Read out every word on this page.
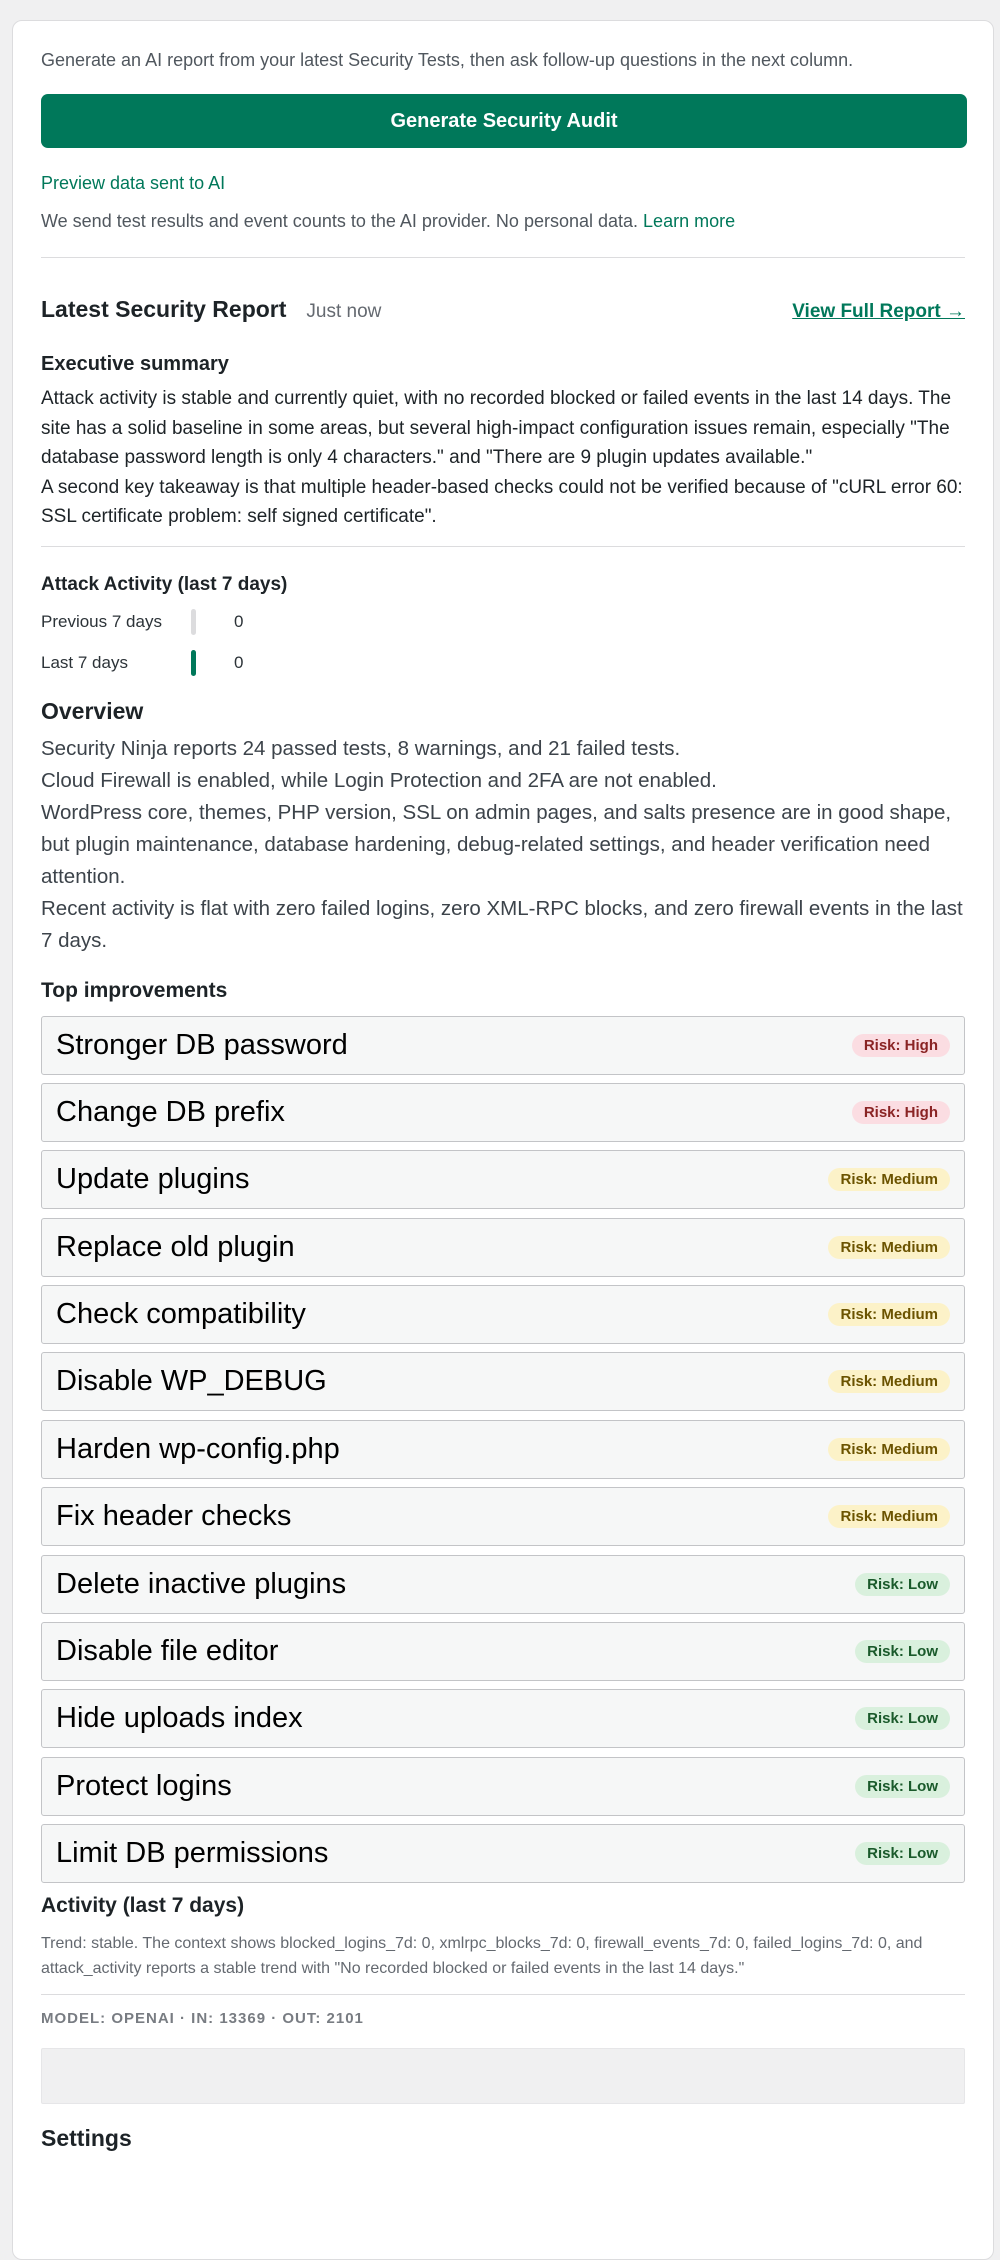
Generate an AI report from your latest Security Tests, then ask follow-up questions in the next column.

Generate Security Audit
Preview data sent to AI

We send test results and event counts to the AI provider. No personal data. Learn more

Latest Security Report Just now	View Full Report →
Executive summary
Attack activity is stable and currently quiet, with no recorded blocked or failed events in the last 14 days. The site has a solid baseline in some areas, but several high-impact configuration issues remain, especially "The database password length is only 4 characters." and "There are 9 plugin updates available."
A second key takeaway is that multiple header-based checks could not be verified because of "cURL error 60: SSL certificate problem: self signed certificate".
Attack Activity (last 7 days)
Previous 7 days	0
Last 7 days	0
Overview
Security Ninja reports 24 passed tests, 8 warnings, and 21 failed tests.
Cloud Firewall is enabled, while Login Protection and 2FA are not enabled.
WordPress core, themes, PHP version, SSL on admin pages, and salts presence are in good shape, but plugin maintenance, database hardening, debug-related settings, and header verification need attention.
Recent activity is flat with zero failed logins, zero XML-RPC blocks, and zero firewall events in the last 7 days.
Top improvements
Stronger DB password	Risk: High
Change DB prefix	Risk: High
Update plugins	Risk: Medium
Replace old plugin	Risk: Medium
Check compatibility	Risk: Medium
Disable WP_DEBUG	Risk: Medium
Harden wp-config.php	Risk: Medium
Fix header checks	Risk: Medium
Delete inactive plugins	Risk: Low
Disable file editor	Risk: Low
Hide uploads index	Risk: Low
Protect logins	Risk: Low
Limit DB permissions	Risk: Low
Activity (last 7 days)

Trend: stable. The context shows blocked_logins_7d: 0, xmlrpc_blocks_7d: 0, firewall_events_7d: 0, failed_logins_7d: 0, and attack_activity reports a stable trend with "No recorded blocked or failed events in the last 14 days."

MODEL: OPENAI · IN: 13369 · OUT: 2101

Settings
